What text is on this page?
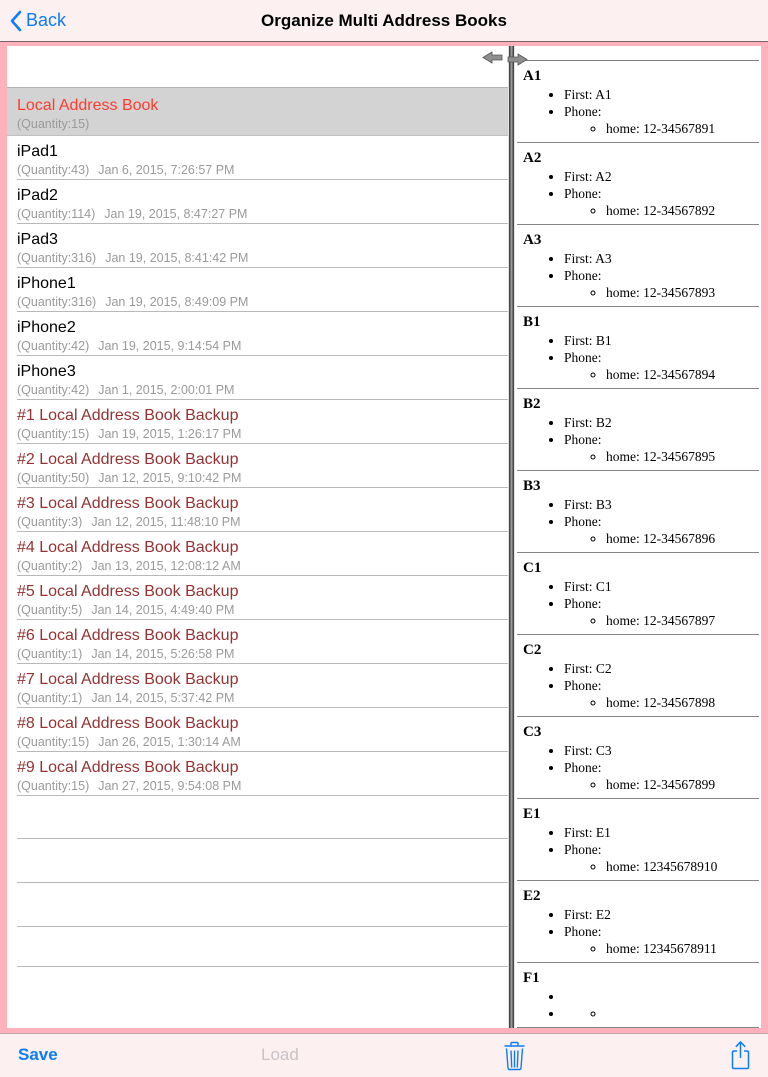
Back	Organize Multi Address Books
Local Address Book
(Quantity:15)
iPad1
(Quantity:43) Jan 6, 2015, 7:26:57 PM
iPad2
(Quantity:114) Jan 19, 2015, 8:47:27 PM
iPad3
(Quantity:316) Jan 19, 2015, 8:41:42 PM
iPhone1
(Quantity:316) Jan 19, 2015, 8:49:09 PM
iPhone2
(Quantity:42) Jan 19, 2015, 9:14:54 PM
iPhone3
(Quantity:42) Jan 1, 2015, 2:00:01 PM
#1 Local Address Book Backup
(Quantity:15) Jan 19, 2015, 1:26:17 PM
#2 Local Address Book Backup
(Quantity:50) Jan 12, 2015, 9:10:42 PM
#3 Local Address Book Backup
(Quantity:3) Jan 12, 2015, 11:48:10 PM
#4 Local Address Book Backup
(Quantity:2) Jan 13, 2015, 12:08:12 AM
#5 Local Address Book Backup
(Quantity:5) Jan 14, 2015, 4:49:40 PM
#6 Local Address Book Backup
(Quantity:1) Jan 14, 2015, 5:26:58 PM
#7 Local Address Book Backup
(Quantity:1) Jan 14, 2015, 5:37:42 PM
#8 Local Address Book Backup
(Quantity:15) Jan 26, 2015, 1:30:14 AM
#9 Local Address Book Backup
(Quantity:15) Jan 27, 2015, 9:54:08 PM
A1
• First: A1
• Phone:
◦ home: 12-34567891
A2
• First: A2
• Phone:
◦ home: 12-34567892
A3
• First: A3
• Phone:
◦ home: 12-34567893
B1
• First: B1
• Phone:
◦ home: 12-34567894
B2
• First: B2
• Phone:
◦ home: 12-34567895
B3
• First: B3
• Phone:
◦ home: 12-34567896
C1
• First: C1
• Phone:
◦ home: 12-34567897
C2
• First: C2
• Phone:
◦ home: 12-34567898
C3
• First: C3
• Phone:
◦ home: 12-34567899
E1
• First: E1
• Phone:
◦ home: 12345678910
E2
• First: E2
• Phone:
◦ home: 12345678911
F1
•
•
◦
Save	Load
